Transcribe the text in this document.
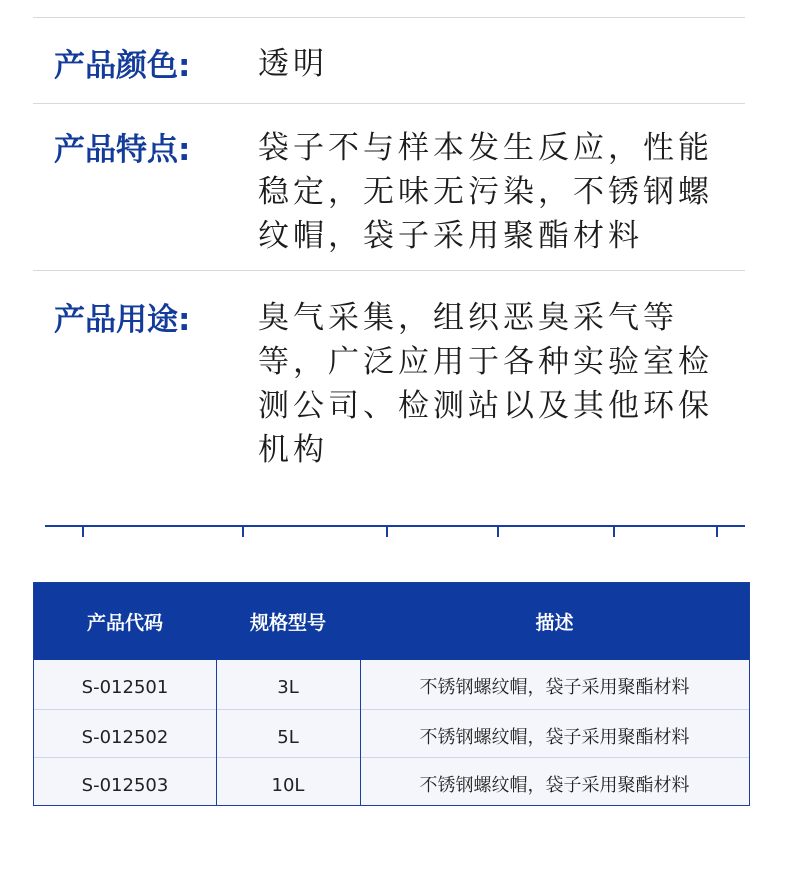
产品颜色: 透明
产品特点: 袋子不与样本发生反应，性能稳定，无味无污染，不锈钢螺纹帽，袋子采用聚酯材料
产品用途: 臭气采集，组织恶臭采气等等，广泛应用于各种实验室检测公司、检测站以及其他环保机构
产品代码	规格型号	描述
S-012501	3L	不锈钢螺纹帽，袋子采用聚酯材料
S-012502	5L	不锈钢螺纹帽，袋子采用聚酯材料
S-012503	10L	不锈钢螺纹帽，袋子采用聚酯材料
